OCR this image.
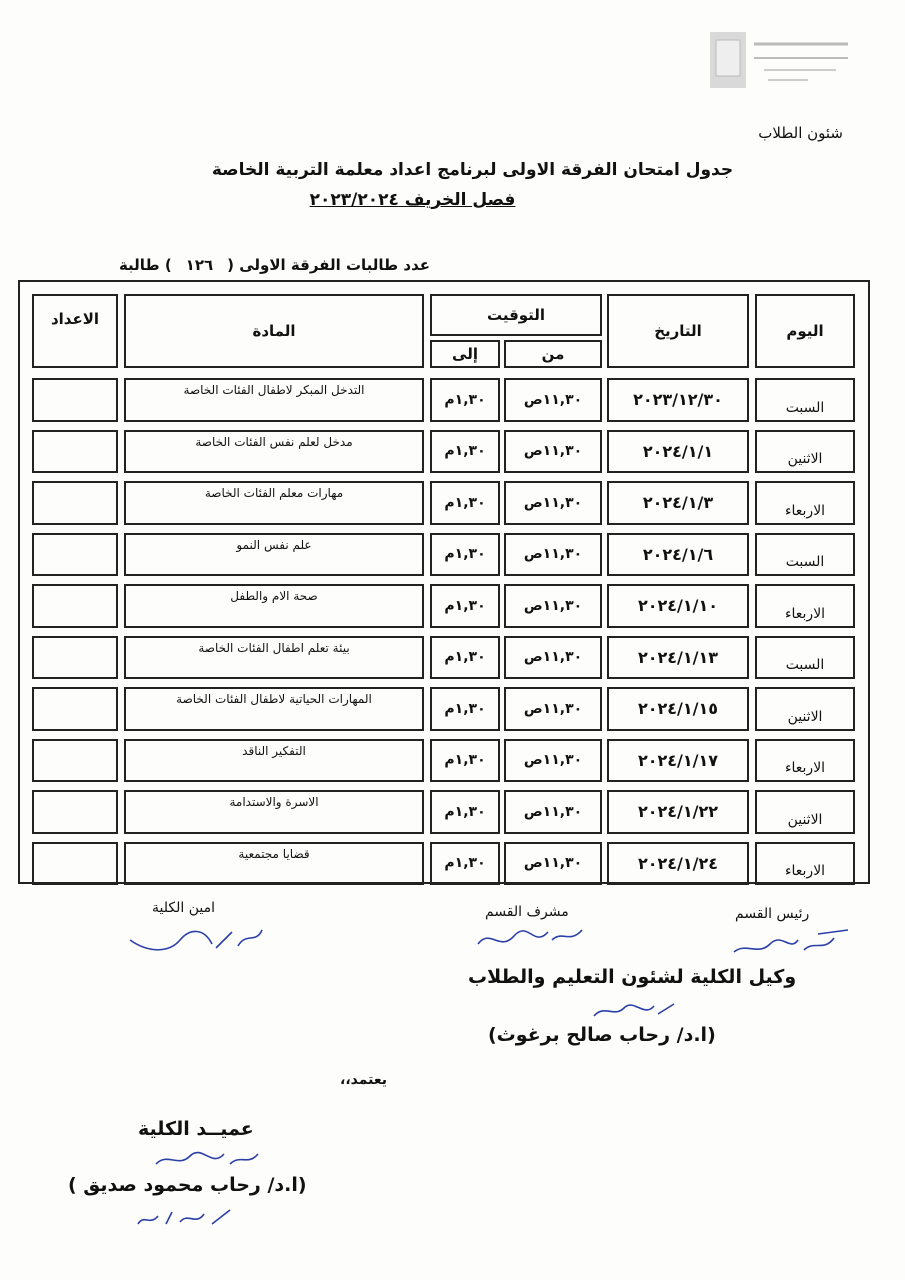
شئون الطلاب
جدول امتحان الفرقة الاولى لبرنامج اعداد معلمة التربية الخاصة
فصل الخريف ٢٠٢٣/٢٠٢٤
عدد طالبات الفرقة الاولى (١٢٦) طالبة
اليوم
التاريخ
التوقيت
من
إلى
المادة
الاعداد
السبت
٢٠٢٣/١٢/٣٠
١١,٣٠ص
١,٣٠م
التدخل المبكر لاطفال الفئات الخاصة
الاثنين
٢٠٢٤/١/١
١١,٣٠ص
١,٣٠م
مدخل لعلم نفس الفئات الخاصة
الاربعاء
٢٠٢٤/١/٣
١١,٣٠ص
١,٣٠م
مهارات معلم الفئات الخاصة
السبت
٢٠٢٤/١/٦
١١,٣٠ص
١,٣٠م
علم نفس النمو
الاربعاء
٢٠٢٤/١/١٠
١١,٣٠ص
١,٣٠م
صحة الام والطفل
السبت
٢٠٢٤/١/١٣
١١,٣٠ص
١,٣٠م
بيئة تعلم اطفال الفئات الخاصة
الاثنين
٢٠٢٤/١/١٥
١١,٣٠ص
١,٣٠م
المهارات الحياتية لاطفال الفئات الخاصة
الاربعاء
٢٠٢٤/١/١٧
١١,٣٠ص
١,٣٠م
التفكير الناقد
الاثنين
٢٠٢٤/١/٢٢
١١,٣٠ص
١,٣٠م
الاسرة والاستدامة
الاربعاء
٢٠٢٤/١/٢٤
١١,٣٠ص
١,٣٠م
قضايا مجتمعية
رئيس القسم
مشرف القسم
امين الكلية
وكيل الكلية لشئون التعليم والطلاب
(ا.د/ رحاب صالح برغوث)
يعتمد،،
عميــد الكلية
(ا.د/ رحاب محمود صديق )
